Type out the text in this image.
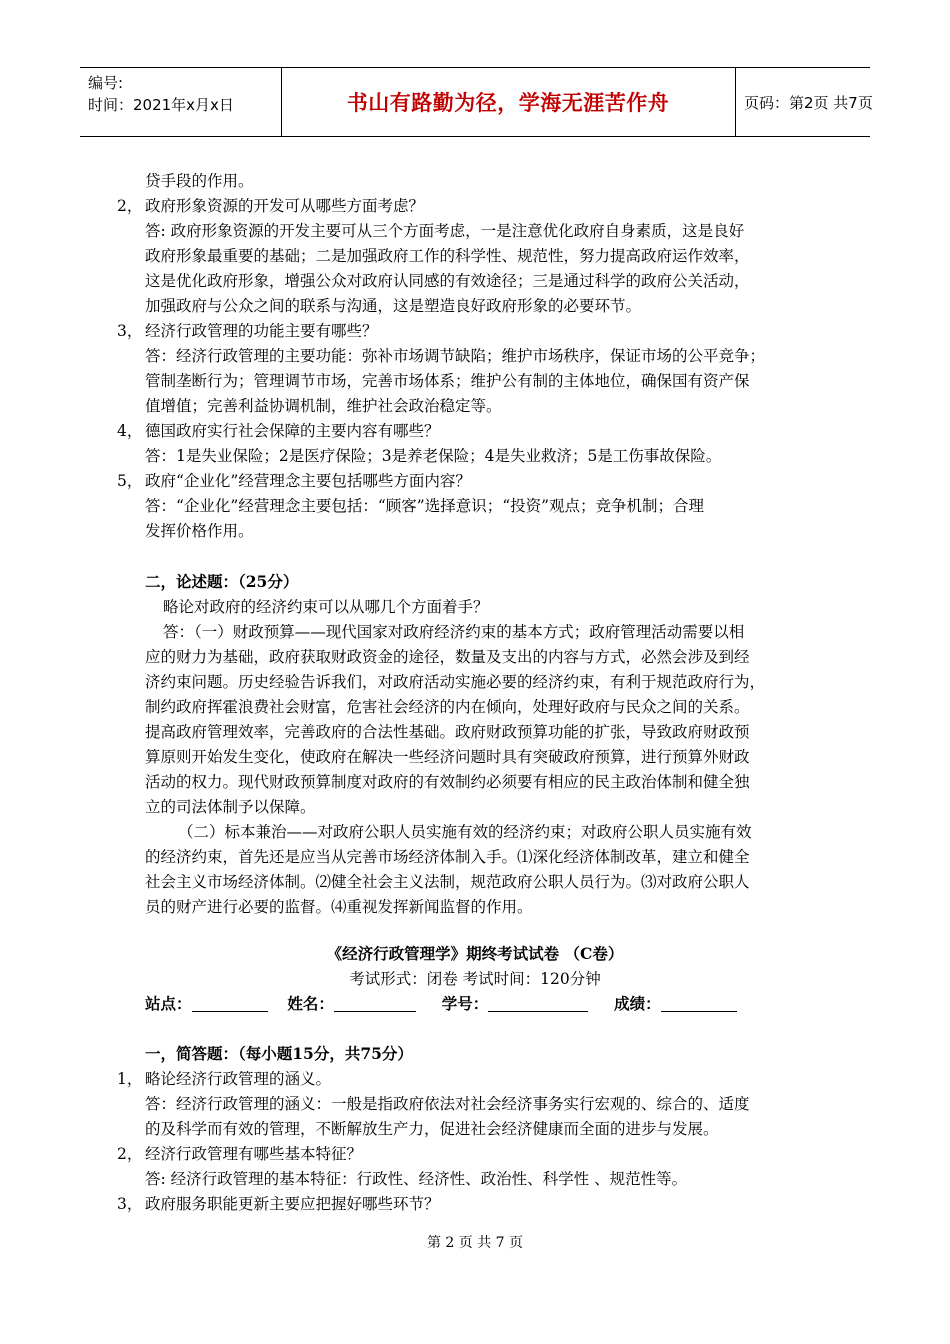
编号:
时间：2021年x月x日	书山有路勤为径，学海无涯苦作舟	页码：第2页 共7页
贷手段的作用。
2， 政府形象资源的开发可从哪些方面考虑？
答: 政府形象资源的开发主要可从三个方面考虑，一是注意优化政府自身素质，这是良好
政府形象最重要的基础；二是加强政府工作的科学性、规范性，努力提高政府运作效率，
这是优化政府形象，增强公众对政府认同感的有效途径；三是通过科学的政府公关活动，
加强政府与公众之间的联系与沟通，这是塑造良好政府形象的必要环节。
3， 经济行政管理的功能主要有哪些？
答：经济行政管理的主要功能：弥补市场调节缺陷；维护市场秩序，保证市场的公平竞争；
管制垄断行为；管理调节市场，完善市场体系；维护公有制的主体地位，确保国有资产保
值增值；完善利益协调机制，维护社会政治稳定等。
4， 德国政府实行社会保障的主要内容有哪些？
答：1是失业保险；2是医疗保险；3是养老保险；4是失业救济；5是工伤事故保险。
5， 政府“企业化”经营理念主要包括哪些方面内容？
答：“企业化”经营理念主要包括：“顾客”选择意识；“投资”观点；竞争机制；合理
发挥价格作用。
二，论述题：（25分）
略论对政府的经济约束可以从哪几个方面着手？
答：（一）财政预算——现代国家对政府经济约束的基本方式；政府管理活动需要以相
应的财力为基础，政府获取财政资金的途径，数量及支出的内容与方式，必然会涉及到经
济约束问题。历史经验告诉我们，对政府活动实施必要的经济约束，有利于规范政府行为，
制约政府挥霍浪费社会财富，危害社会经济的内在倾向，处理好政府与民众之间的关系。
提高政府管理效率，完善政府的合法性基础。政府财政预算功能的扩张，导致政府财政预
算原则开始发生变化，使政府在解决一些经济问题时具有突破政府预算，进行预算外财政
活动的权力。现代财政预算制度对政府的有效制约必须要有相应的民主政治体制和健全独
立的司法体制予以保障。
（二）标本兼治——对政府公职人员实施有效的经济约束；对政府公职人员实施有效
的经济约束，首先还是应当从完善市场经济体制入手。⑴深化经济体制改革，建立和健全
社会主义市场经济体制。⑵健全社会主义法制，规范政府公职人员行为。⑶对政府公职人
员的财产进行必要的监督。⑷重视发挥新闻监督的作用。
《经济行政管理学》期终考试试卷 （C卷）
考试形式：闭卷 考试时间：120分钟
站点：	姓名：	学号：	成绩：
一，简答题：（每小题15分，共75分）
1， 略论经济行政管理的涵义。
答：经济行政管理的涵义：一般是指政府依法对社会经济事务实行宏观的、综合的、适度
的及科学而有效的管理，不断解放生产力，促进社会经济健康而全面的进步与发展。
2， 经济行政管理有哪些基本特征？
答: 经济行政管理的基本特征：行政性、经济性、政治性、科学性 、规范性等。
3， 政府服务职能更新主要应把握好哪些环节？
第 2 页 共 7 页
